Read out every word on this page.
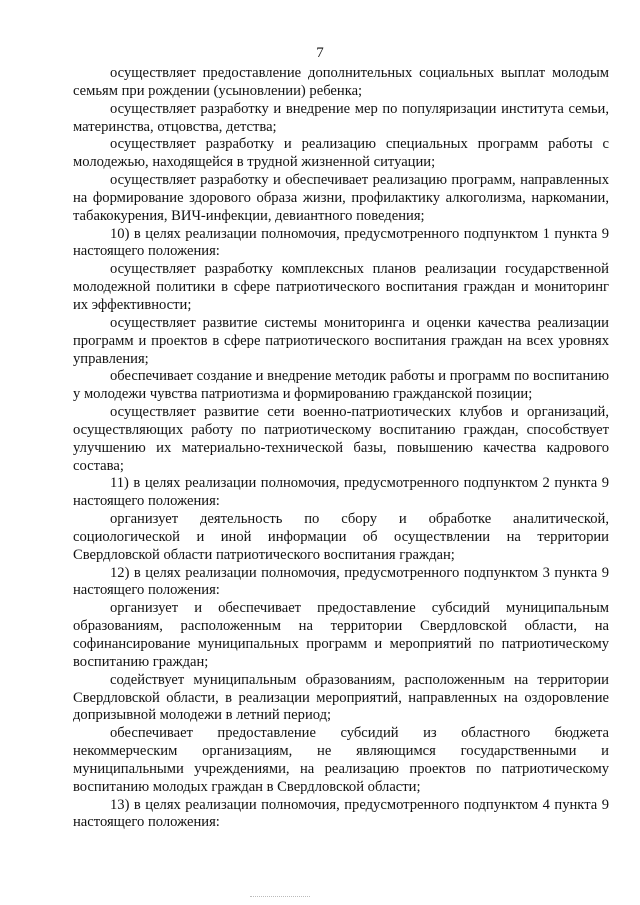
7

осуществляет предоставление дополнительных социальных выплат молодым семьям при рождении (усыновлении) ребенка;

осуществляет разработку и внедрение мер по популяризации института семьи, материнства, отцовства, детства;

осуществляет разработку и реализацию специальных программ работы с молодежью, находящейся в трудной жизненной ситуации;

осуществляет разработку и обеспечивает реализацию программ, направленных на формирование здорового образа жизни, профилактику алкоголизма, наркомании, табакокурения, ВИЧ-инфекции, девиантного поведения;

10) в целях реализации полномочия, предусмотренного подпунктом 1 пункта 9 настоящего положения:

осуществляет разработку комплексных планов реализации государственной молодежной политики в сфере патриотического воспитания граждан и мониторинг их эффективности;

осуществляет развитие системы мониторинга и оценки качества реализации программ и проектов в сфере патриотического воспитания граждан на всех уровнях управления;

обеспечивает создание и внедрение методик работы и программ по воспитанию у молодежи чувства патриотизма и формированию гражданской позиции;

осуществляет развитие сети военно-патриотических клубов и организаций, осуществляющих работу по патриотическому воспитанию граждан, способствует улучшению их материально-технической базы, повышению качества кадрового состава;

11) в целях реализации полномочия, предусмотренного подпунктом 2 пункта 9 настоящего положения:

организует деятельность по сбору и обработке аналитической, социологической и иной информации об осуществлении на территории Свердловской области патриотического воспитания граждан;

12) в целях реализации полномочия, предусмотренного подпунктом 3 пункта 9 настоящего положения:

организует и обеспечивает предоставление субсидий муниципальным образованиям, расположенным на территории Свердловской области, на софинансирование муниципальных программ и мероприятий по патриотическому воспитанию граждан;

содействует муниципальным образованиям, расположенным на территории Свердловской области, в реализации мероприятий, направленных на оздоровление допризывной молодежи в летний период;

обеспечивает предоставление субсидий из областного бюджета некоммерческим организациям, не являющимся государственными и муниципальными учреждениями, на реализацию проектов по патриотическому воспитанию молодых граждан в Свердловской области;

13) в целях реализации полномочия, предусмотренного подпунктом 4 пункта 9 настоящего положения:
